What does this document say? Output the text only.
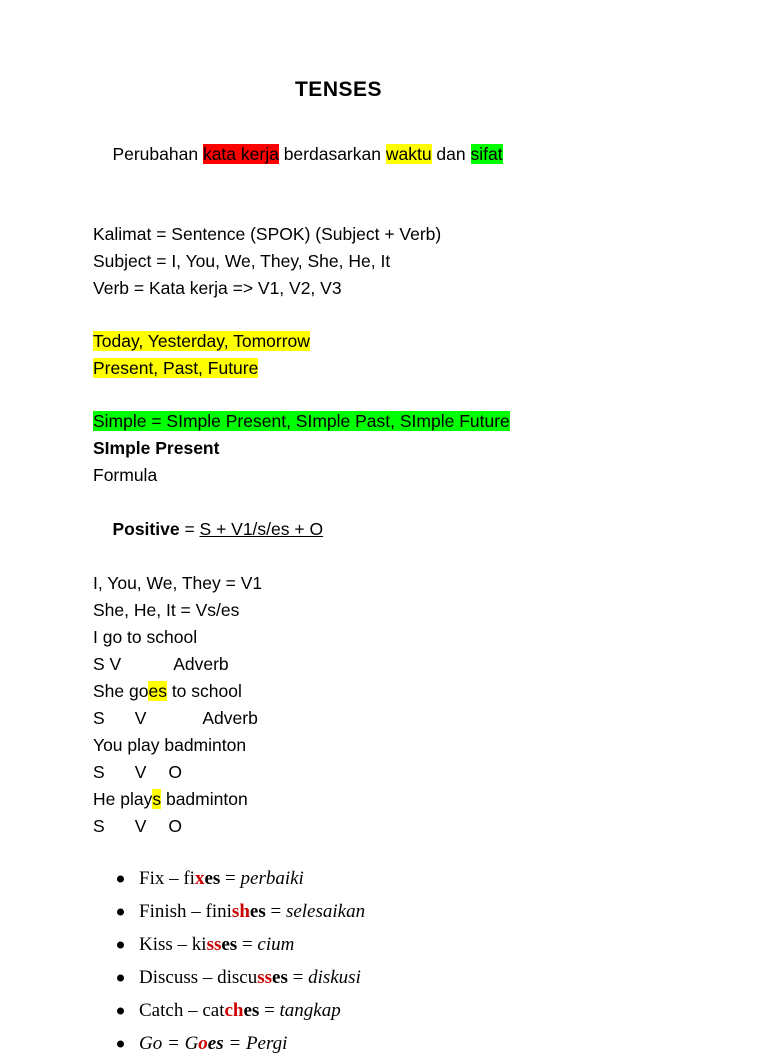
TENSES

Perubahan kata kerja berdasarkan waktu dan sifat

Kalimat = Sentence (SPOK) (Subject + Verb)
Subject = I, You, We, They, She, He, It
Verb = Kata kerja => V1, V2, V3
Today, Yesterday, Tomorrow
Present, Past, Future
Simple = SImple Present, SImple Past, SImple Future
SImple Present
Formula

Positive = S + V1/s/es + O

I, You, We, They = V1
She, He, It = Vs/es
I go to school
S V	Adverb
She goes to school
S V	Adverb
You play badminton
S V O
He plays badminton
S V O
Fix – fixes = perbaiki
Finish – finishes = selesaikan
Kiss – kisses = cium
Discuss – discusses = diskusi
Catch – catches = tangkap
Go = Goes = Pergi
